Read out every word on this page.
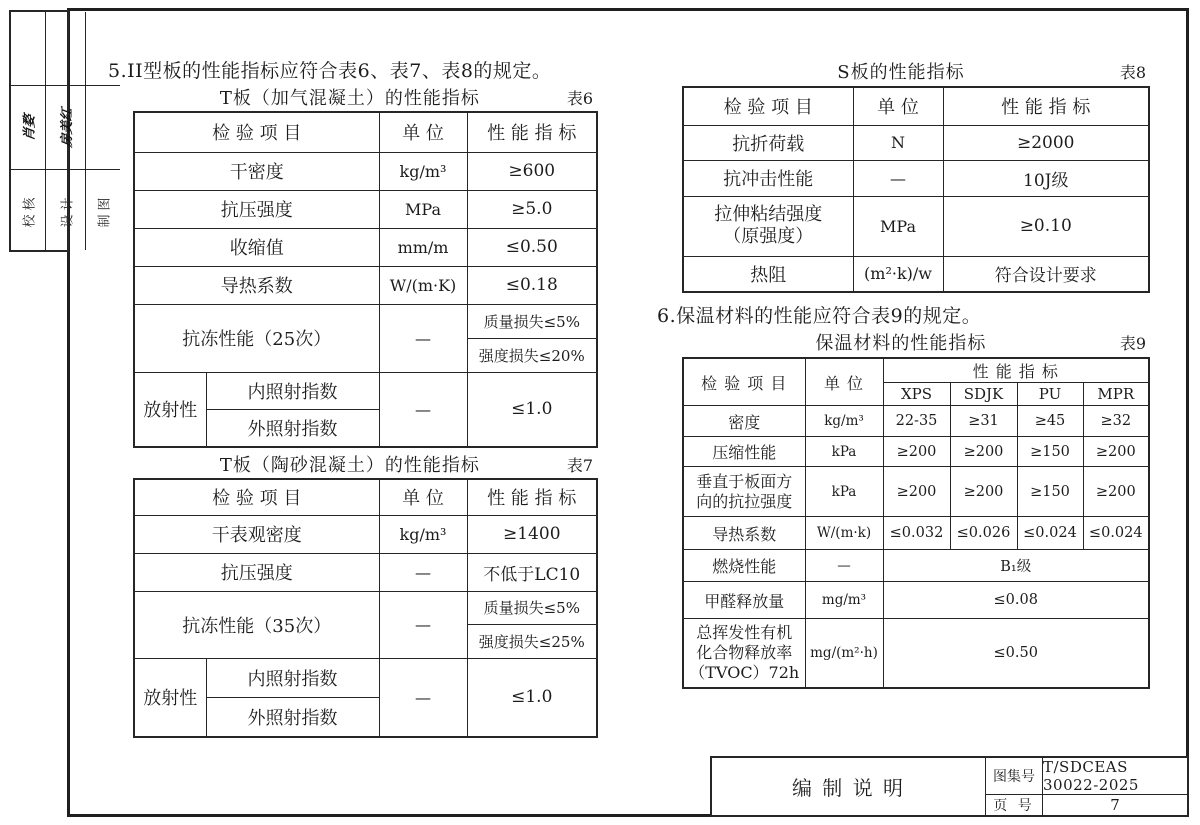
肖婺	房美红
校核	设计	制图
5.II型板的性能指标应符合表6、表7、表8的规定。
T板（加气混凝土）的性能指标	表6
检 验 项 目		单 位	性 能 指 标
干密度		kg/m³	≥600
抗压强度		MPa	≥5.0
收缩值		mm/m	≤0.50
导热系数		W/(m·K)	≤0.18
抗冻性能（25次）		—	质量损失≤5%
			强度损失≤20%
放射性	内照射指数	—	≤1.0
	外照射指数		
T板（陶砂混凝土）的性能指标	表7
检 验 项 目		单 位	性 能 指 标
干表观密度		kg/m³	≥1400
抗压强度		—	不低于LC10
抗冻性能（35次）		—	质量损失≤5%
			强度损失≤25%
放射性	内照射指数	—	≤1.0
	外照射指数		
S板的性能指标	表8
检 验 项 目	单 位	性 能 指 标
抗折荷载	N	≥2000
抗冲击性能	—	10J级

拉伸粘结强度
（原强度）	MPa	≥0.10
热阻	(m²·k)/w	符合设计要求
6.保温材料的性能应符合表9的规定。
保温材料的性能指标	表9
检 验 项 目	单 位	性 能 指 标			
		XPS	SDJK	PU	MPR
密度	kg/m³	22-35	≥31	≥45	≥32
压缩性能	kPa	≥200	≥200	≥150	≥200

垂直于板面方
向的抗拉强度	kPa	≥200	≥200	≥150	≥200
导热系数	W/(m·k)	≤0.032	≤0.026	≤0.024	≤0.024
燃烧性能	—	B₁级			
甲醛释放量	mg/m³	≤0.08			

总挥发性有机
化合物释放率
（TVOC）72h	mg/(m²·h)	≤0.50			
编 制 说 明	图集号
T/SDCEAS 30022-2025
页 号	7
